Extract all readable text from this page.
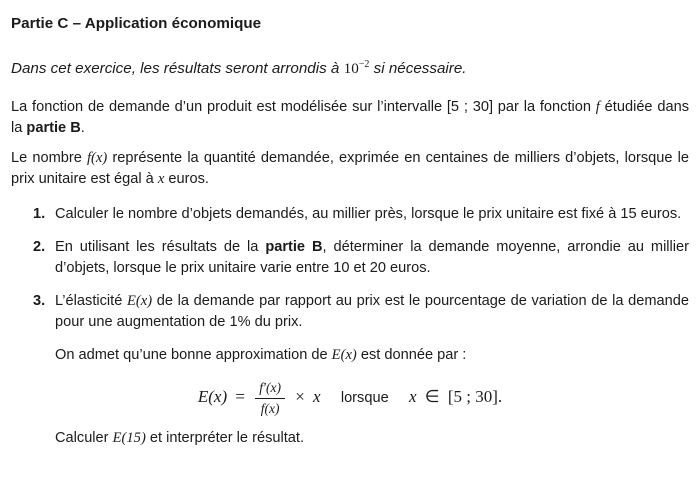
Partie C – Application économique

Dans cet exercice, les résultats seront arrondis à $10^{-2}$ si nécessaire.

La fonction de demande d’un produit est modélisée sur l’intervalle [5 ; 30] par la fonction f étudiée dans la partie B.

Le nombre f(x) représente la quantité demandée, exprimée en centaines de milliers d’objets, lorsque le prix unitaire est égal à x euros.

1. Calculer le nombre d’objets demandés, au millier près, lorsque le prix unitaire est fixé à 15 euros.
2. En utilisant les résultats de la partie B, déterminer la demande moyenne, arrondie au millier d’objets, lorsque le prix unitaire varie entre 10 et 20 euros.
3. L’élasticité E(x) de la demande par rapport au prix est le pourcentage de variation de la demande pour une augmentation de 1% du prix.

On admet qu’une bonne approximation de E(x) est donnée par :

$E(x) = \frac{f'(x)}{f(x)} \times x$ lorsque x ∈ [5 ; 30].

Calculer E(15) et interpréter le résultat.
